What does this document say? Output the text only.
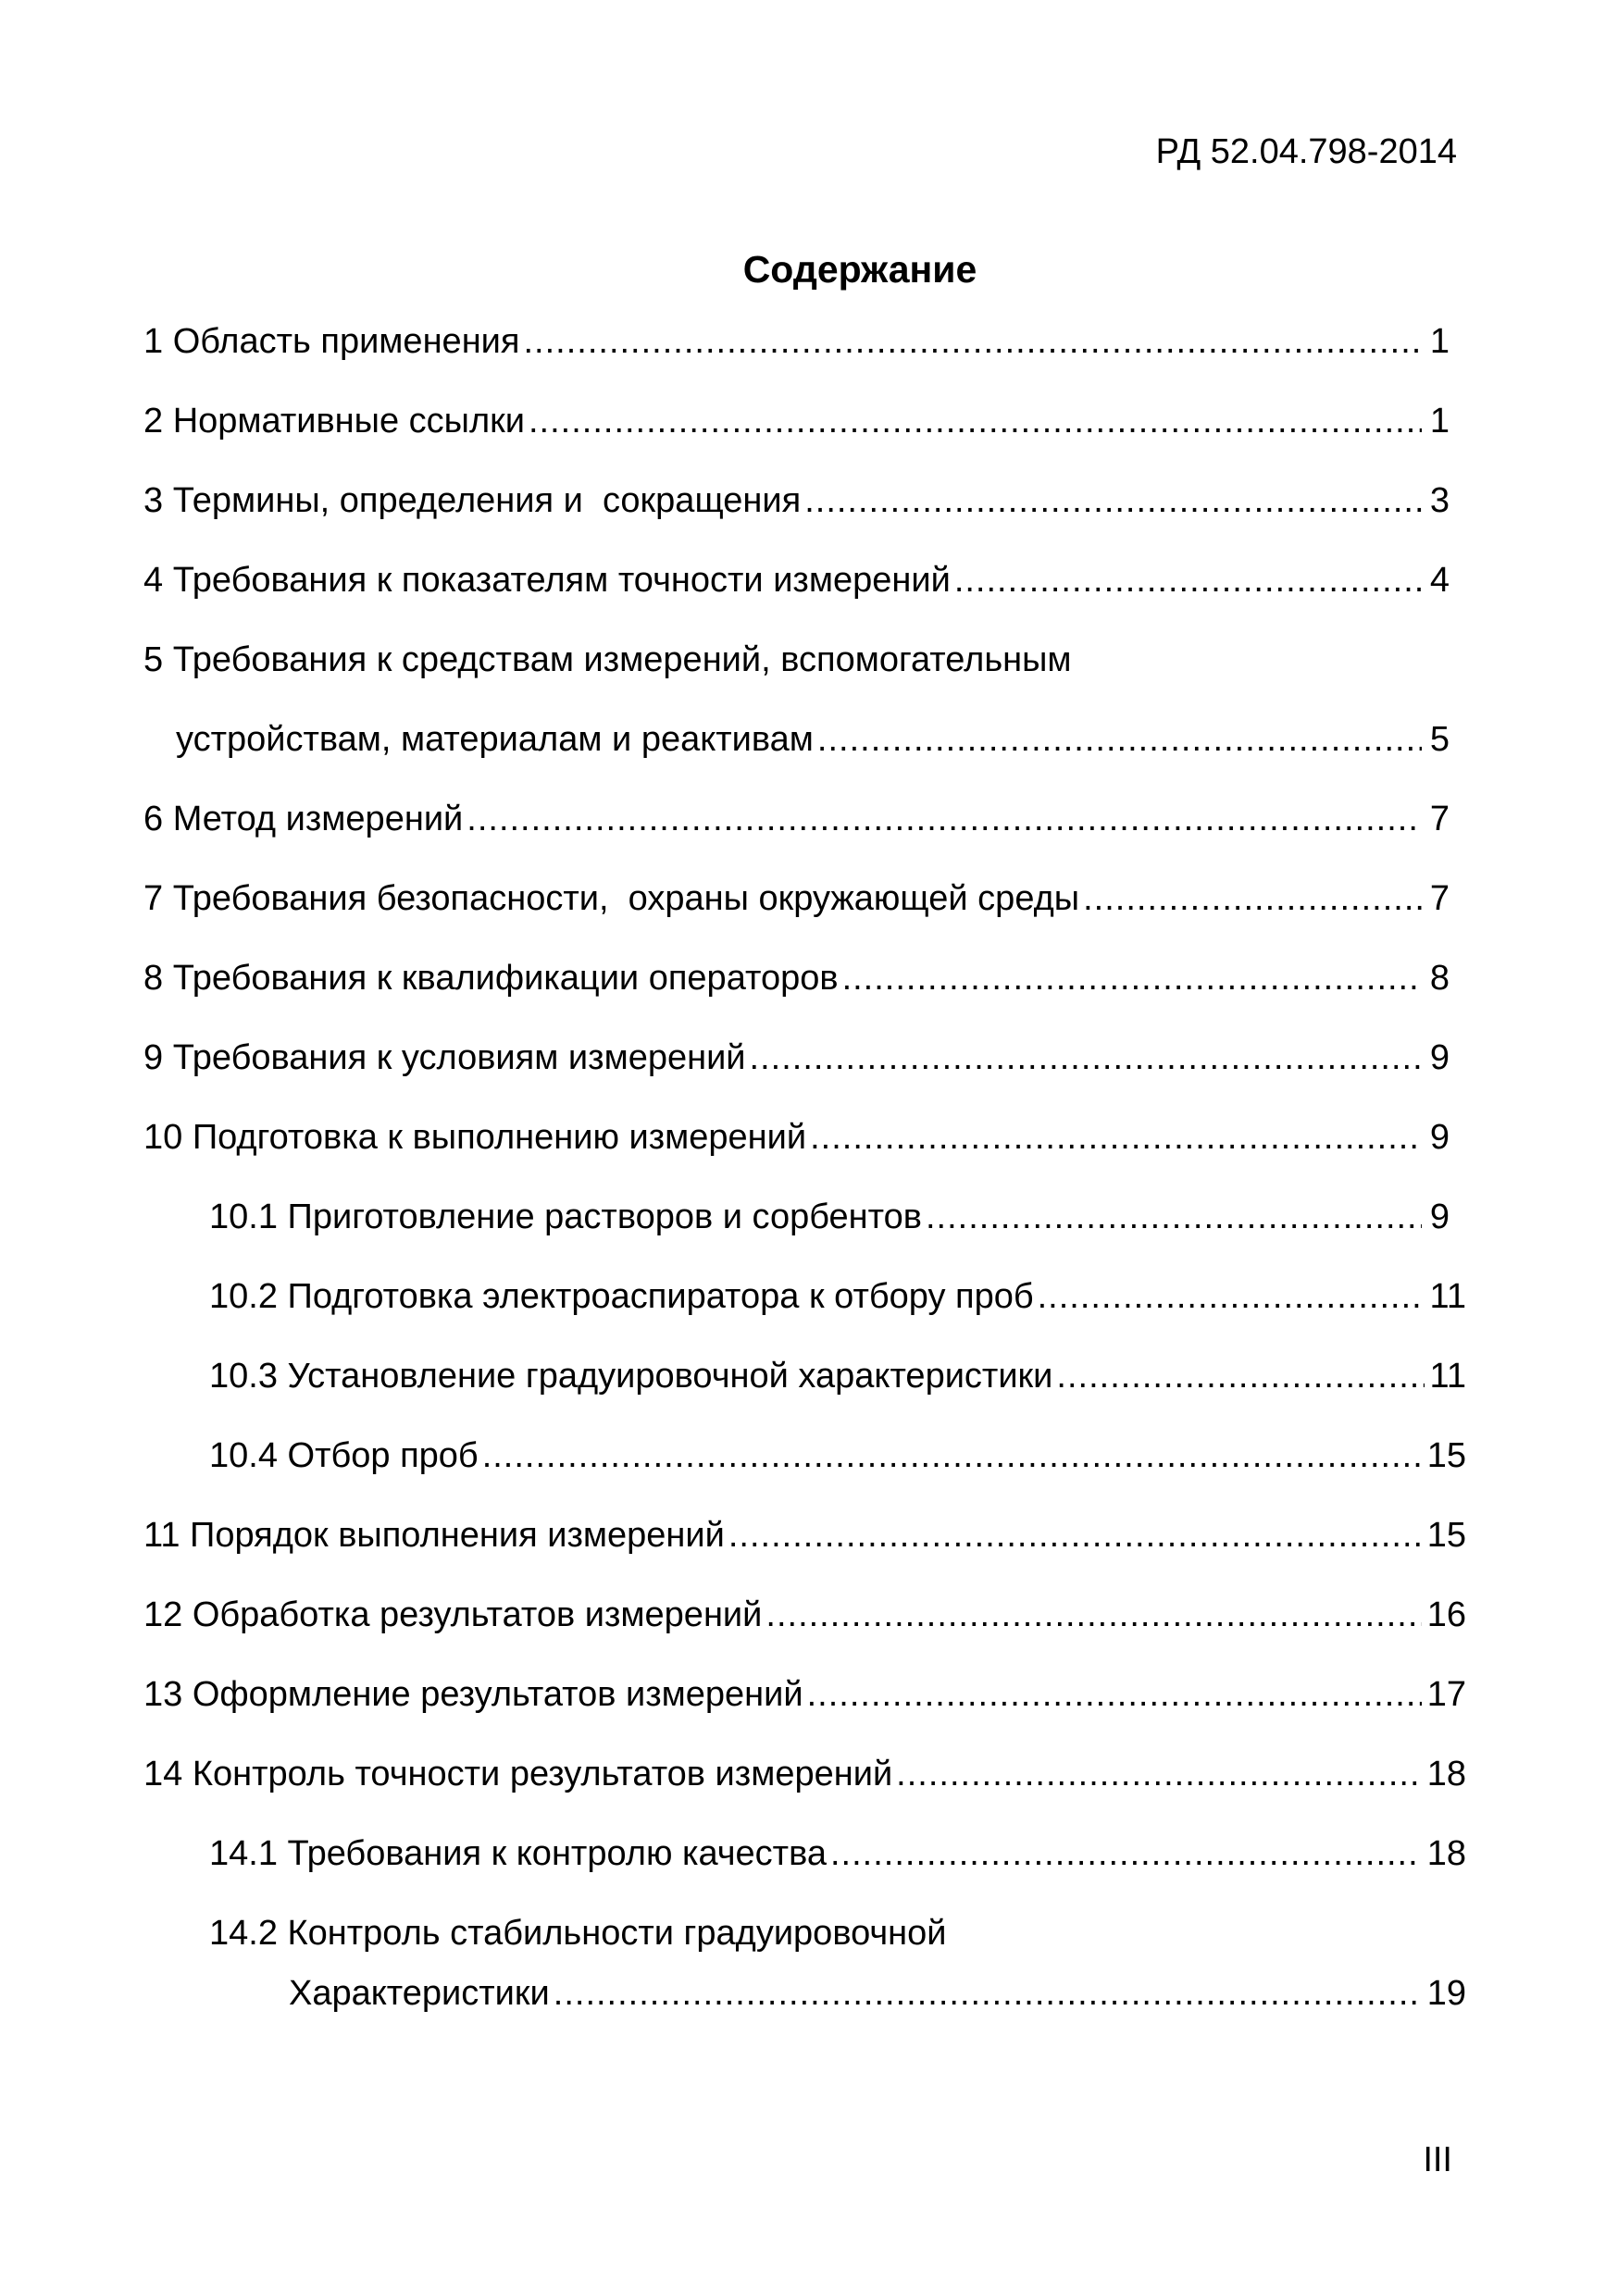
РД 52.04.798-2014
Содержание
1 Область применения .....	1
2 Нормативные ссылки .....	1
3 Термины, определения и  сокращения .....	3
4 Требования к показателям точности измерений .....	4
5 Требования к средствам измерений, вспомогательным
устройствам, материалам и реактивам .....	5
6 Метод измерений .....	7
7 Требования безопасности,  охраны окружающей среды .....	7
8 Требования к квалификации операторов .....	8
9 Требования к условиям измерений .....	9
10 Подготовка к выполнению измерений .....	9
10.1 Приготовление растворов и сорбентов .....	9
10.2 Подготовка электроаспиратора к отбору проб .....	11
10.3 Установление градуировочной характеристики .....	11
10.4 Отбор проб .....	15
11 Порядок выполнения измерений .....	15
12 Обработка результатов измерений .....	16
13 Оформление результатов измерений .....	17
14 Контроль точности результатов измерений .....	18
14.1 Требования к контролю качества .....	18
14.2 Контроль стабильности градуировочной
Характеристики .....	19
III
